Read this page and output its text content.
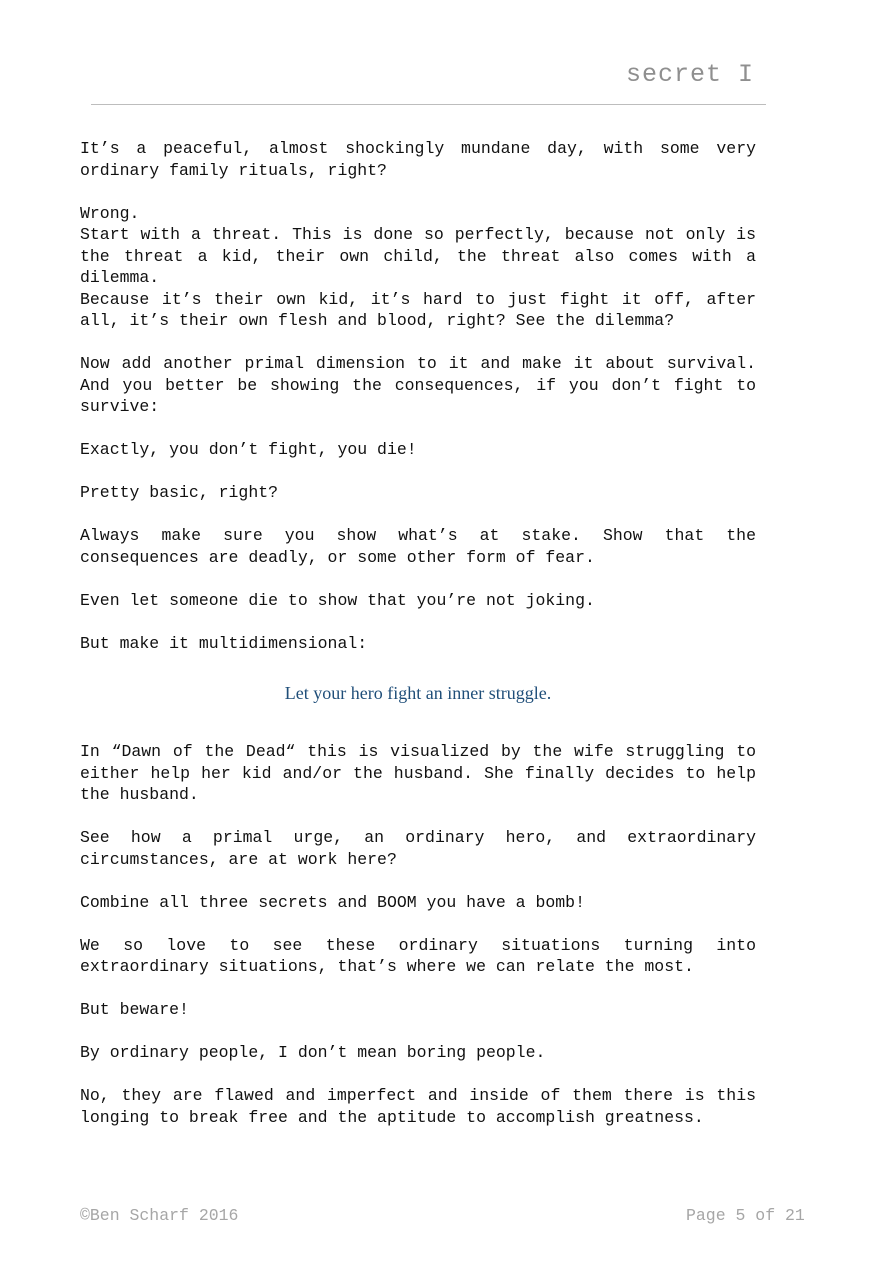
secret I

It’s a peaceful, almost shockingly mundane day, with some very ordinary family rituals, right?

Wrong.

Start with a threat. This is done so perfectly, because not only is the threat a kid, their own child, the threat also comes with a dilemma.

Because it’s their own kid, it’s hard to just fight it off, after all, it’s their own flesh and blood, right? See the dilemma?

Now add another primal dimension to it and make it about survival. And you better be showing the consequences, if you don’t fight to survive:

Exactly, you don’t fight, you die!

Pretty basic, right?

Always make sure you show what’s at stake. Show that the consequences are deadly, or some other form of fear.

Even let someone die to show that you’re not joking.

But make it multidimensional:

Let your hero fight an inner struggle.

In “Dawn of the Dead“ this is visualized by the wife struggling to either help her kid and/or the husband. She finally decides to help the husband.

See how a primal urge, an ordinary hero, and extraordinary circumstances, are at work here?

Combine all three secrets and BOOM you have a bomb!

We so love to see these ordinary situations turning into extraordinary situations, that’s where we can relate the most.

But beware!

By ordinary people, I don’t mean boring people.

No, they are flawed and imperfect and inside of them there is this longing to break free and the aptitude to accomplish greatness.

©Ben Scharf 2016	Page 5 of 21
